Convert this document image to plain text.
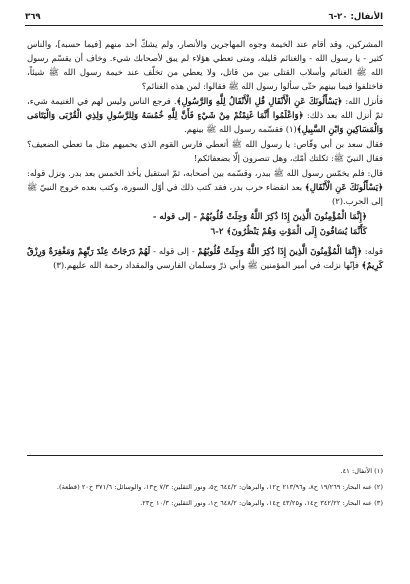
الأنفال: ٢٠-٦
٣٦٩

المشركين، وقد أقام عند الخيمة وجوه المهاجرين والأنصار، ولم يشكّ أحد منهم [فيما حسبه]، والناس كثير - يا رسول الله - والغنائم قليلة، ومتى تعطي هؤلاء لم يبق لأصحابك شيء. وخاف أن يقسّم رسول الله ﷺ الغنائم وأسلاب القتلى بين من قاتل، ولا يعطي من تخلّف عند خيمة رسول الله ﷺ شيئاً، فاختلفوا فيما بينهم حتّى سألوا رسول الله ﷺ فقالوا: لمن هذه الغنائم؟

فأنزل الله: ﴿يَسْأَلُونَكَ عَنِ الْأَنْفَالِ قُلِ الْأَنْفَالُ لِلَّهِ وَالرَّسُولِ﴾. فرجع الناس وليس لهم في الغنيمة شيء، ثمّ أنزل الله بعد ذلك: ﴿وَاعْلَمُوا أَنَّمَا غَنِمْتُمْ مِنْ شَيْءٍ فَأَنَّ لِلَّهِ خُمُسَهُ وَلِلرَّسُولِ وَلِذِي الْقُرْبَى وَالْيَتَامَى وَالْمَسَاكِينِ وَابْنِ السَّبِيلِ﴾(١) فقسّمه رسول الله ﷺ بينهم.

فقال سعد بن أبي وقّاص: يا رسول الله ﷺ أتعطي فارس القوم الذي يحميهم مثل ما تعطي الضعيف؟ فقال النبيّ ﷺ: ثكلتك أمّك، وهل تنصرون إلّا بضعفائكم!

قال: فلم يخمّس رسول الله ﷺ ببدر، وقسّمه بين أصحابه، ثمّ استقبل يأخذ الخمس بعد بدر. ونزل قوله: ﴿يَسْأَلُونَكَ عَنِ الْأَنْفَالِ﴾ بعد انقضاء حرب بدر، فقد كتب ذلك في أوّل السورة، وكتب بعده خروج النبيّ ﷺ إلى الحرب.(٢)

﴿إِنَّمَا الْمُؤْمِنُونَ الَّذِينَ إِذَا ذُكِرَ اللَّهُ وَجِلَتْ قُلُوبُهُمْ - إلى قوله -
كَأَنَّمَا يُسَاقُونَ إِلَى الْمَوْتِ وَهُمْ يَنْظُرُونَ﴾ ٢-٦

قوله: ﴿إِنَّمَا الْمُؤْمِنُونَ الَّذِينَ إِذَا ذُكِرَ اللَّهُ وَجِلَتْ قُلُوبُهُمْ - إلى قوله - لَهُمْ دَرَجَاتٌ عِنْدَ رَبِّهِمْ وَمَغْفِرَةٌ وَرِزْقٌ كَرِيمٌ﴾ فإنّها نزلت في أمير المؤمنين ﷺ وأبي ذرّ وسلمان الفارسي والمقداد رحمة الله عليهم.(٣)

(١) الأنفال: ٤١.

(٢) عنه البحار: ١٩/٢٦٩ ح٨، و٢١٣/٩٦ ح١٢، والبرهان: ٦٤٤/٢ ح٥، ونور الثقلين: ٧/٣ ح١٣، والوسائل: ٣٧١/٦ ح٢٠ (قطعة).

(٣) عنه البحار: ٣٤٢/٢٢ ح١٤، و٤٣/٢٥ ح١٤، والبرهان: ٦٤٨/٢ ح١، ونور الثقلين: ١٠/٣ ح٢٣.
